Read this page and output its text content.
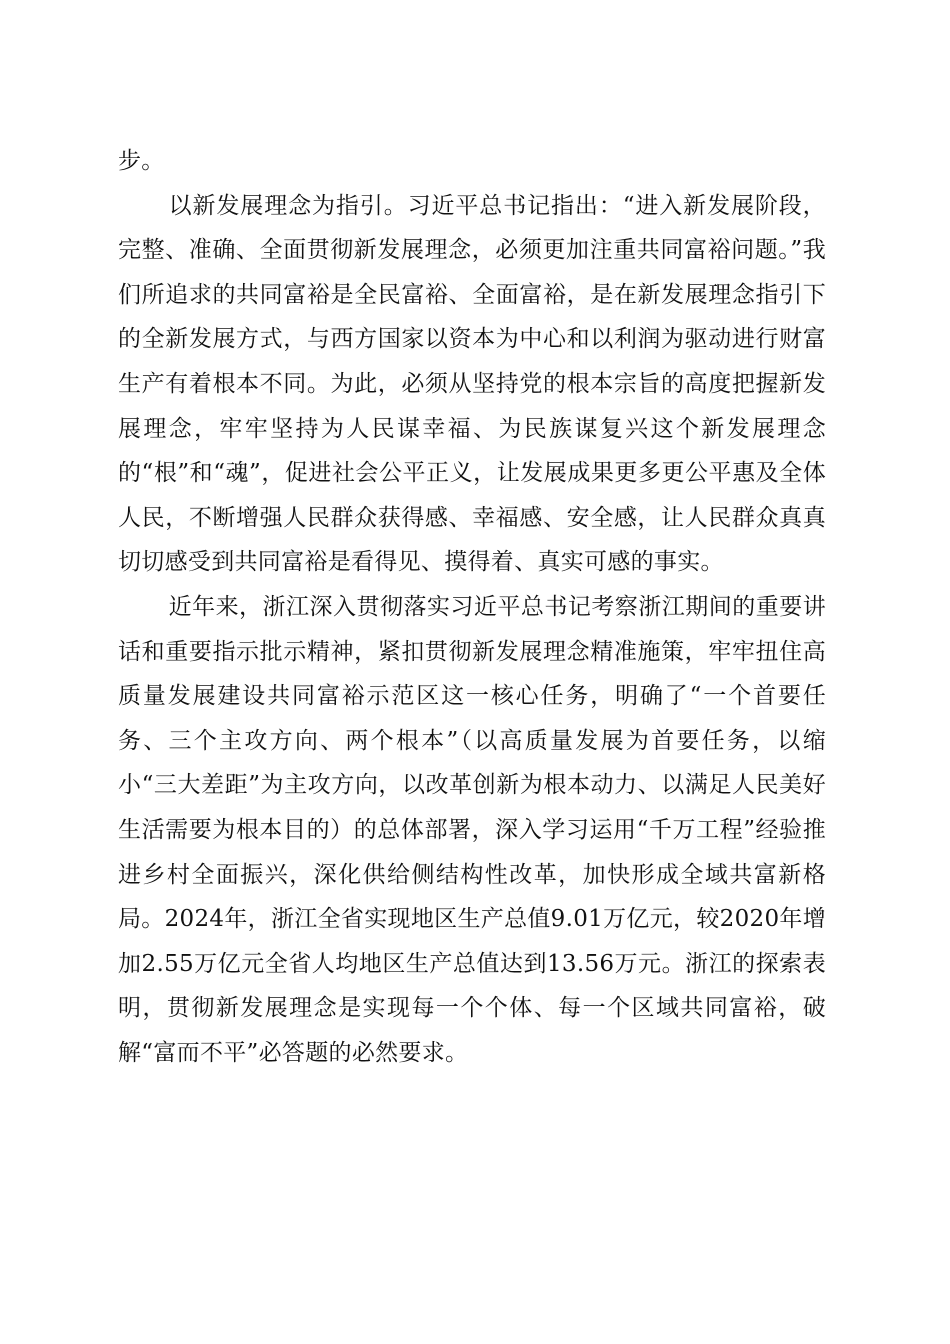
步。

以新发展理念为指引。习近平总书记指出：“进入新发展阶段，完整、准确、全面贯彻新发展理念，必须更加注重共同富裕问题。”我们所追求的共同富裕是全民富裕、全面富裕，是在新发展理念指引下的全新发展方式，与西方国家以资本为中心和以利润为驱动进行财富生产有着根本不同。为此，必须从坚持党的根本宗旨的高度把握新发展理念，牢牢坚持为人民谋幸福、为民族谋复兴这个新发展理念的“根”和“魂”，促进社会公平正义，让发展成果更多更公平惠及全体人民，不断增强人民群众获得感、幸福感、安全感，让人民群众真真切切感受到共同富裕是看得见、摸得着、真实可感的事实。

近年来，浙江深入贯彻落实习近平总书记考察浙江期间的重要讲话和重要指示批示精神，紧扣贯彻新发展理念精准施策，牢牢扭住高质量发展建设共同富裕示范区这一核心任务，明确了“一个首要任务、三个主攻方向、两个根本”（以高质量发展为首要任务，以缩小“三大差距”为主攻方向，以改革创新为根本动力、以满足人民美好生活需要为根本目的）的总体部署，深入学习运用“千万工程”经验推进乡村全面振兴，深化供给侧结构性改革，加快形成全域共富新格局。2024年，浙江全省实现地区生产总值9.01万亿元，较2020年增加2.55万亿元全省人均地区生产总值达到13.56万元。浙江的探索表明，贯彻新发展理念是实现每一个个体、每一个区域共同富裕，破解“富而不平”必答题的必然要求。
